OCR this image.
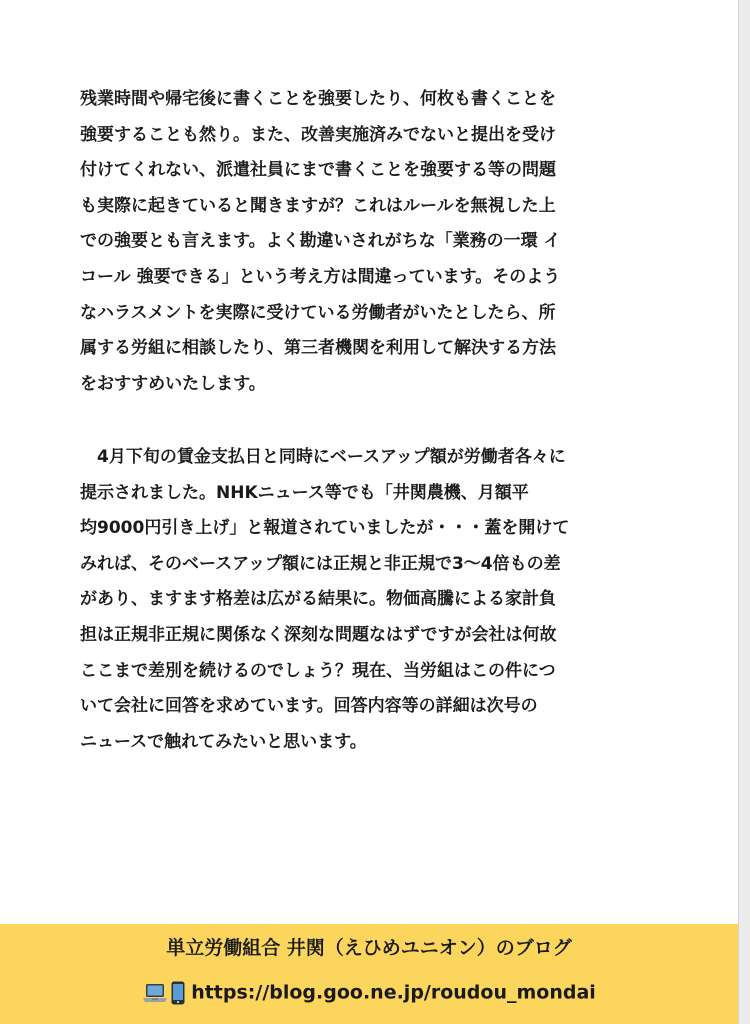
残業時間や帰宅後に書くことを強要したり、何枚も書くことを
強要することも然り。また、改善実施済みでないと提出を受け
付けてくれない、派遣社員にまで書くことを強要する等の問題
も実際に起きていると聞きますが？これはルールを無視した上
での強要とも言えます。よく勘違いされがちな「業務の一環 イ
コール 強要できる」という考え方は間違っています。そのよう
なハラスメントを実際に受けている労働者がいたとしたら、所
属する労組に相談したり、第三者機関を利用して解決する方法
をおすすめいたします。

　4月下旬の賃金支払日と同時にベースアップ額が労働者各々に
提示されました。NHKニュース等でも「井関農機、月額平
均9000円引き上げ」と報道されていましたが・・・蓋を開けて
みれば、そのベースアップ額には正規と非正規で3〜4倍もの差
があり、ますます格差は広がる結果に。物価高騰による家計負
担は正規非正規に関係なく深刻な問題なはずですが会社は何故
ここまで差別を続けるのでしょう？現在、当労組はこの件につ
いて会社に回答を求めています。回答内容等の詳細は次号の
ニュースで触れてみたいと思います。

単立労働組合 井関（えひめユニオン）のブログ
https://blog.goo.ne.jp/roudou_mondai
